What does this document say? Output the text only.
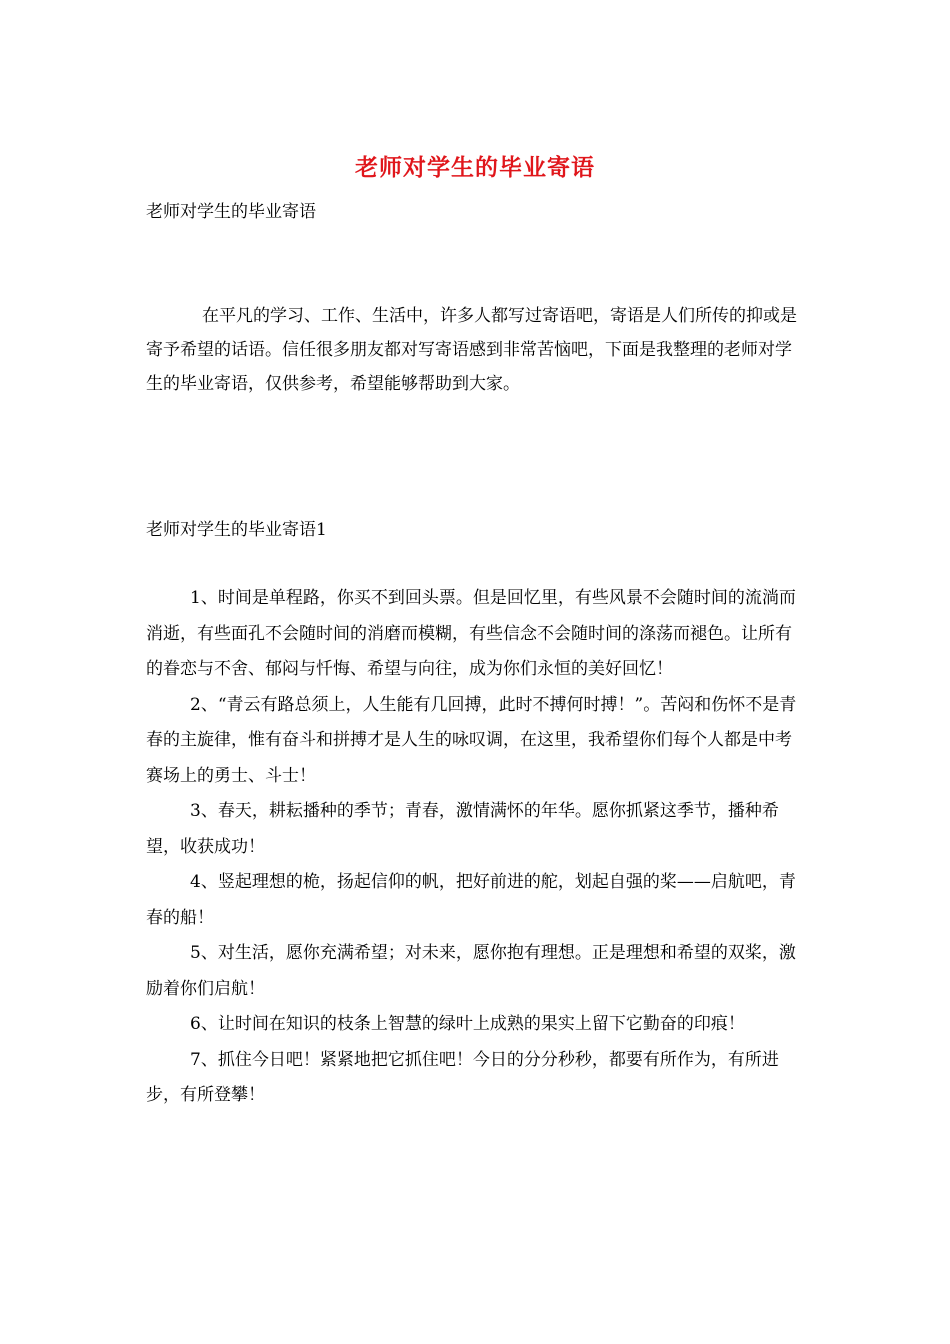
老师对学生的毕业寄语
老师对学生的毕业寄语

在平凡的学习、工作、生活中，许多人都写过寄语吧，寄语是人们所传的抑或是寄予希望的话语。信任很多朋友都对写寄语感到非常苦恼吧，下面是我整理的老师对学生的毕业寄语，仅供参考，希望能够帮助到大家。

老师对学生的毕业寄语1

1、时间是单程路，你买不到回头票。但是回忆里，有些风景不会随时间的流淌而消逝，有些面孔不会随时间的消磨而模糊，有些信念不会随时间的涤荡而褪色。让所有的眷恋与不舍、郁闷与忏悔、希望与向往，成为你们永恒的美好回忆！

2、“青云有路总须上，人生能有几回搏，此时不搏何时搏！”。苦闷和伤怀不是青春的主旋律，惟有奋斗和拼搏才是人生的咏叹调，在这里，我希望你们每个人都是中考赛场上的勇士、斗士！

3、春天，耕耘播种的季节；青春，激情满怀的年华。愿你抓紧这季节，播种希望，收获成功！

4、竖起理想的桅，扬起信仰的帆，把好前进的舵，划起自强的桨——启航吧，青春的船！

5、对生活，愿你充满希望；对未来，愿你抱有理想。正是理想和希望的双桨，激励着你们启航！

6、让时间在知识的枝条上智慧的绿叶上成熟的果实上留下它勤奋的印痕！

7、抓住今日吧！紧紧地把它抓住吧！今日的分分秒秒，都要有所作为，有所进步，有所登攀！
